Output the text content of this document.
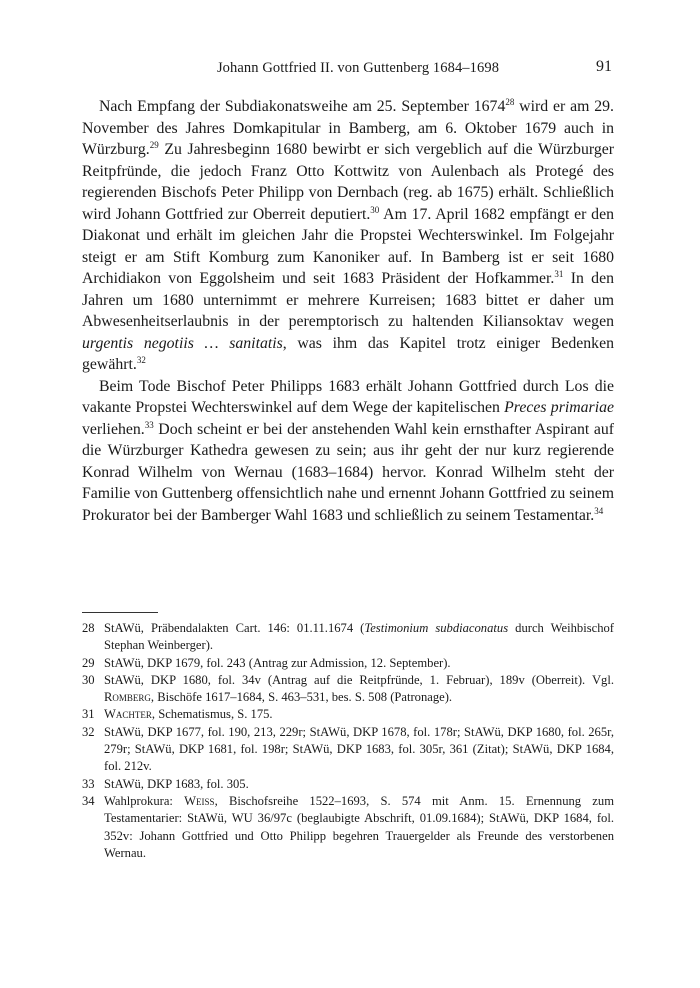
Johann Gottfried II. von Guttenberg 1684–1698	91

Nach Empfang der Subdiakonatsweihe am 25. September 1674$^{28}$ wird er am 29. November des Jahres Domkapitular in Bamberg, am 6. Oktober 1679 auch in Würzburg.$^{29}$ Zu Jahresbeginn 1680 bewirbt er sich vergeblich auf die Würzburger Reitpfründe, die jedoch Franz Otto Kottwitz von Aulenbach als Protegé des regierenden Bischofs Peter Philipp von Dernbach (reg. ab 1675) erhält. Schließlich wird Johann Gottfried zur Oberreit deputiert.$^{30}$ Am 17. April 1682 empfängt er den Diakonat und erhält im gleichen Jahr die Propstei Wechterswinkel. Im Folgejahr steigt er am Stift Komburg zum Kanoniker auf. In Bamberg ist er seit 1680 Archidiakon von Eggolsheim und seit 1683 Präsident der Hofkammer.$^{31}$ In den Jahren um 1680 unternimmt er mehrere Kurreisen; 1683 bittet er daher um Abwesenheitserlaubnis in der peremptorisch zu haltenden Kiliansoktav wegen urgentis negotiis … sanitatis, was ihm das Kapitel trotz einiger Bedenken gewährt.$^{32}$

Beim Tode Bischof Peter Philipps 1683 erhält Johann Gottfried durch Los die vakante Propstei Wechterswinkel auf dem Wege der kapitelischen Preces primariae verliehen.$^{33}$ Doch scheint er bei der anstehenden Wahl kein ernsthafter Aspirant auf die Würzburger Kathedra gewesen zu sein; aus ihr geht der nur kurz regierende Konrad Wilhelm von Wernau (1683–1684) hervor. Konrad Wilhelm steht der Familie von Guttenberg offensichtlich nahe und ernennt Johann Gottfried zu seinem Prokurator bei der Bamberger Wahl 1683 und schließlich zu seinem Testamentar.$^{34}$

28 StAWü, Präbendalakten Cart. 146: 01.11.1674 (Testimonium subdiaconatus durch Weihbischof Stephan Weinberger).
29 StAWü, DKP 1679, fol. 243 (Antrag zur Admission, 12. September).
30 StAWü, DKP 1680, fol. 34v (Antrag auf die Reitpfründe, 1. Februar), 189v (Oberreit). Vgl. Romberg, Bischöfe 1617–1684, S. 463–531, bes. S. 508 (Patronage).
31 Wachter, Schematismus, S. 175.
32 StAWü, DKP 1677, fol. 190, 213, 229r; StAWü, DKP 1678, fol. 178r; StAWü, DKP 1680, fol. 265r, 279r; StAWü, DKP 1681, fol. 198r; StAWü, DKP 1683, fol. 305r, 361 (Zitat); StAWü, DKP 1684, fol. 212v.
33 StAWü, DKP 1683, fol. 305.
34 Wahlprokura: Weiss, Bischofsreihe 1522–1693, S. 574 mit Anm. 15. Ernennung zum Testamentarier: StAWü, WU 36/97c (beglaubigte Abschrift, 01.09.1684); StAWü, DKP 1684, fol. 352v: Johann Gottfried und Otto Philipp begehren Trauergelder als Freunde des verstorbenen Wernau.
